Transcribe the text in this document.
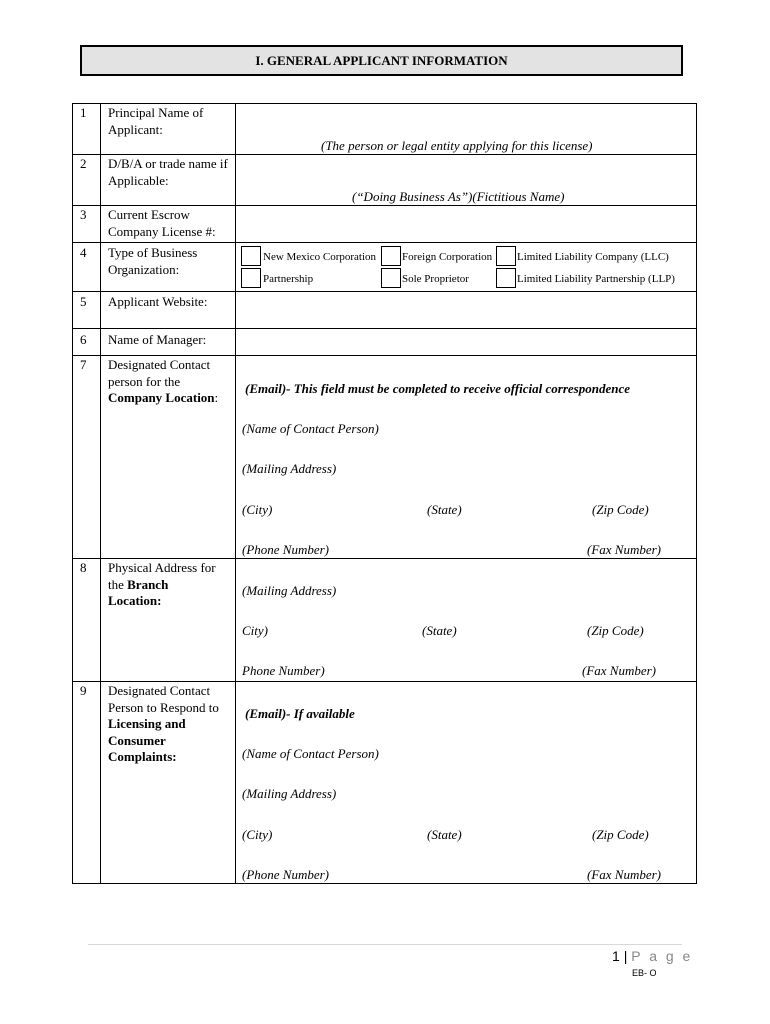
I. GENERAL APPLICANT INFORMATION
1 Principal Name of Applicant:
(The person or legal entity applying for this license)
2 D/B/A or trade name if Applicable:
(“Doing Business As”)(Fictitious Name)
3 Current Escrow Company License #:
4 Type of Business Organization:
New Mexico Corporation Foreign Corporation Limited Liability Company (LLC)
Partnership	Sole Proprietor	Limited Liability Partnership (LLP)
5 Applicant Website:
6 Name of Manager:
7 Designated Contact person for the
Company Location:
(Email)- This field must be completed to receive official correspondence
(Name of Contact Person)
(Mailing Address)
(City)	(State)	(Zip Code)
(Phone Number)	(Fax Number)
8 Physical Address for the Branch
Location:
(Mailing Address)
City)	(State)	(Zip Code)
Phone Number)	(Fax Number)
9 Designated Contact Person to Respond to
Licensing and Consumer Complaints:
(Email)- If available
(Name of Contact Person)
(Mailing Address)
(City)	(State)	(Zip Code)
(Phone Number)	(Fax Number)
1 | P a g e
EB- O
